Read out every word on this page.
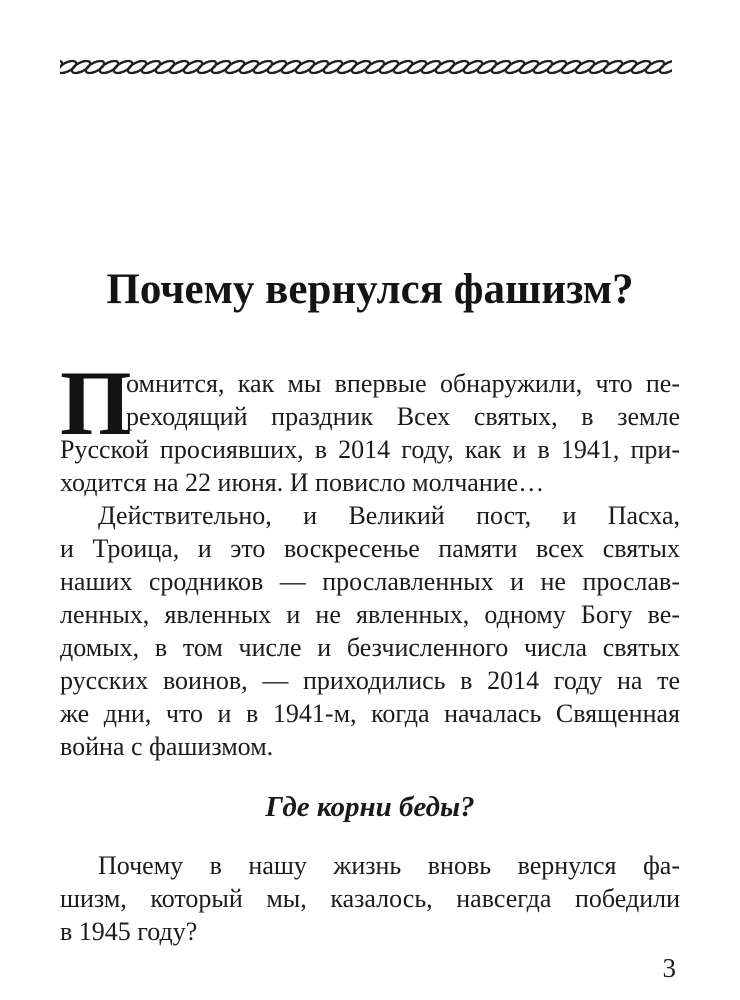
Почему вернулся фашизм?
П
омнится, как мы впервые обнаружили, что пе-
реходящий праздник Всех святых, в земле
Русской просиявших, в 2014 году, как и в 1941, при-
ходится на 22 июня. И повисло молчание…
Действительно, и Великий пост, и Пасха,
и Троица, и это воскресенье памяти всех святых
наших сродников — прославленных и не прослав-
ленных, явленных и не явленных, одному Богу ве-
домых, в том числе и безчисленного числа святых
русских воинов, — приходились в 2014 году на те
же дни, что и в 1941-м, когда началась Священная
война с фашизмом.
Где корни беды?
Почему в нашу жизнь вновь вернулся фа-
шизм, который мы, казалось, навсегда победили
в 1945 году?
3
